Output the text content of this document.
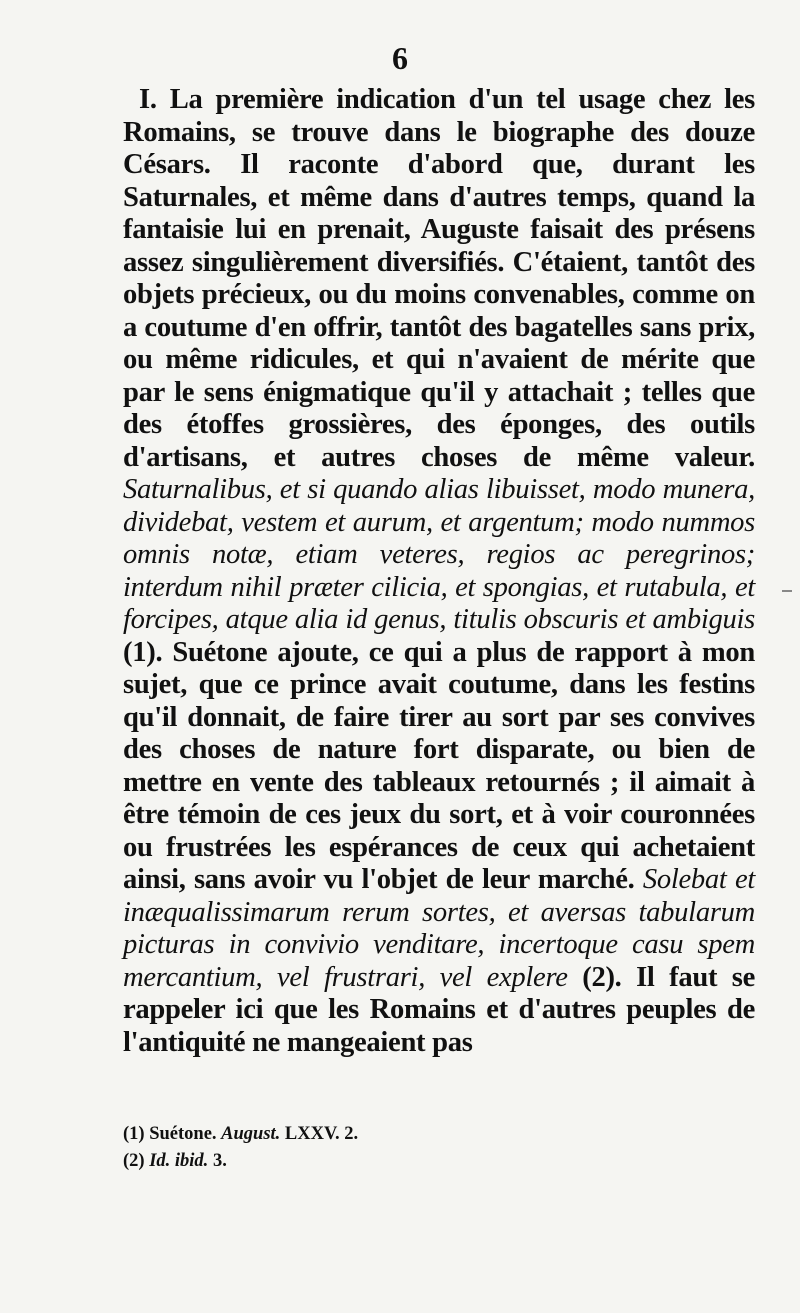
6

I. La première indication d'un tel usage chez les Romains, se trouve dans le biographe des douze Césars. Il raconte d'abord que, durant les Saturnales, et même dans d'autres temps, quand la fantaisie lui en prenait, Auguste faisait des présens assez singulièrement diversifiés. C'étaient, tantôt des objets précieux, ou du moins convenables, comme on a coutume d'en offrir, tantôt des bagatelles sans prix, ou même ridicules, et qui n'avaient de mérite que par le sens énigmatique qu'il y attachait ; telles que des étoffes grossières, des éponges, des outils d'artisans, et autres choses de même valeur. Saturnalibus, et si quando alias libuisset, modo munera, dividebat, vestem et aurum, et argentum; modo nummos omnis notæ, etiam veteres, regios ac peregrinos; interdum nihil præter cilicia, et spongias, et rutabula, et forcipes, atque alia id genus, titulis obscuris et ambiguis (1). Suétone ajoute, ce qui a plus de rapport à mon sujet, que ce prince avait coutume, dans les festins qu'il donnait, de faire tirer au sort par ses convives des choses de nature fort disparate, ou bien de mettre en vente des tableaux retournés ; il aimait à être témoin de ces jeux du sort, et à voir couronnées ou frustrées les espérances de ceux qui achetaient ainsi, sans avoir vu l'objet de leur marché. Solebat et inæqualissimarum rerum sortes, et aversas tabularum picturas in convivio venditare, incertoque casu spem mercantium, vel frustrari, vel explere (2). Il faut se rappeler ici que les Romains et d'autres peuples de l'antiquité ne mangeaient pas

(1) Suétone. August. LXXV. 2.
(2) Id. ibid. 3.
